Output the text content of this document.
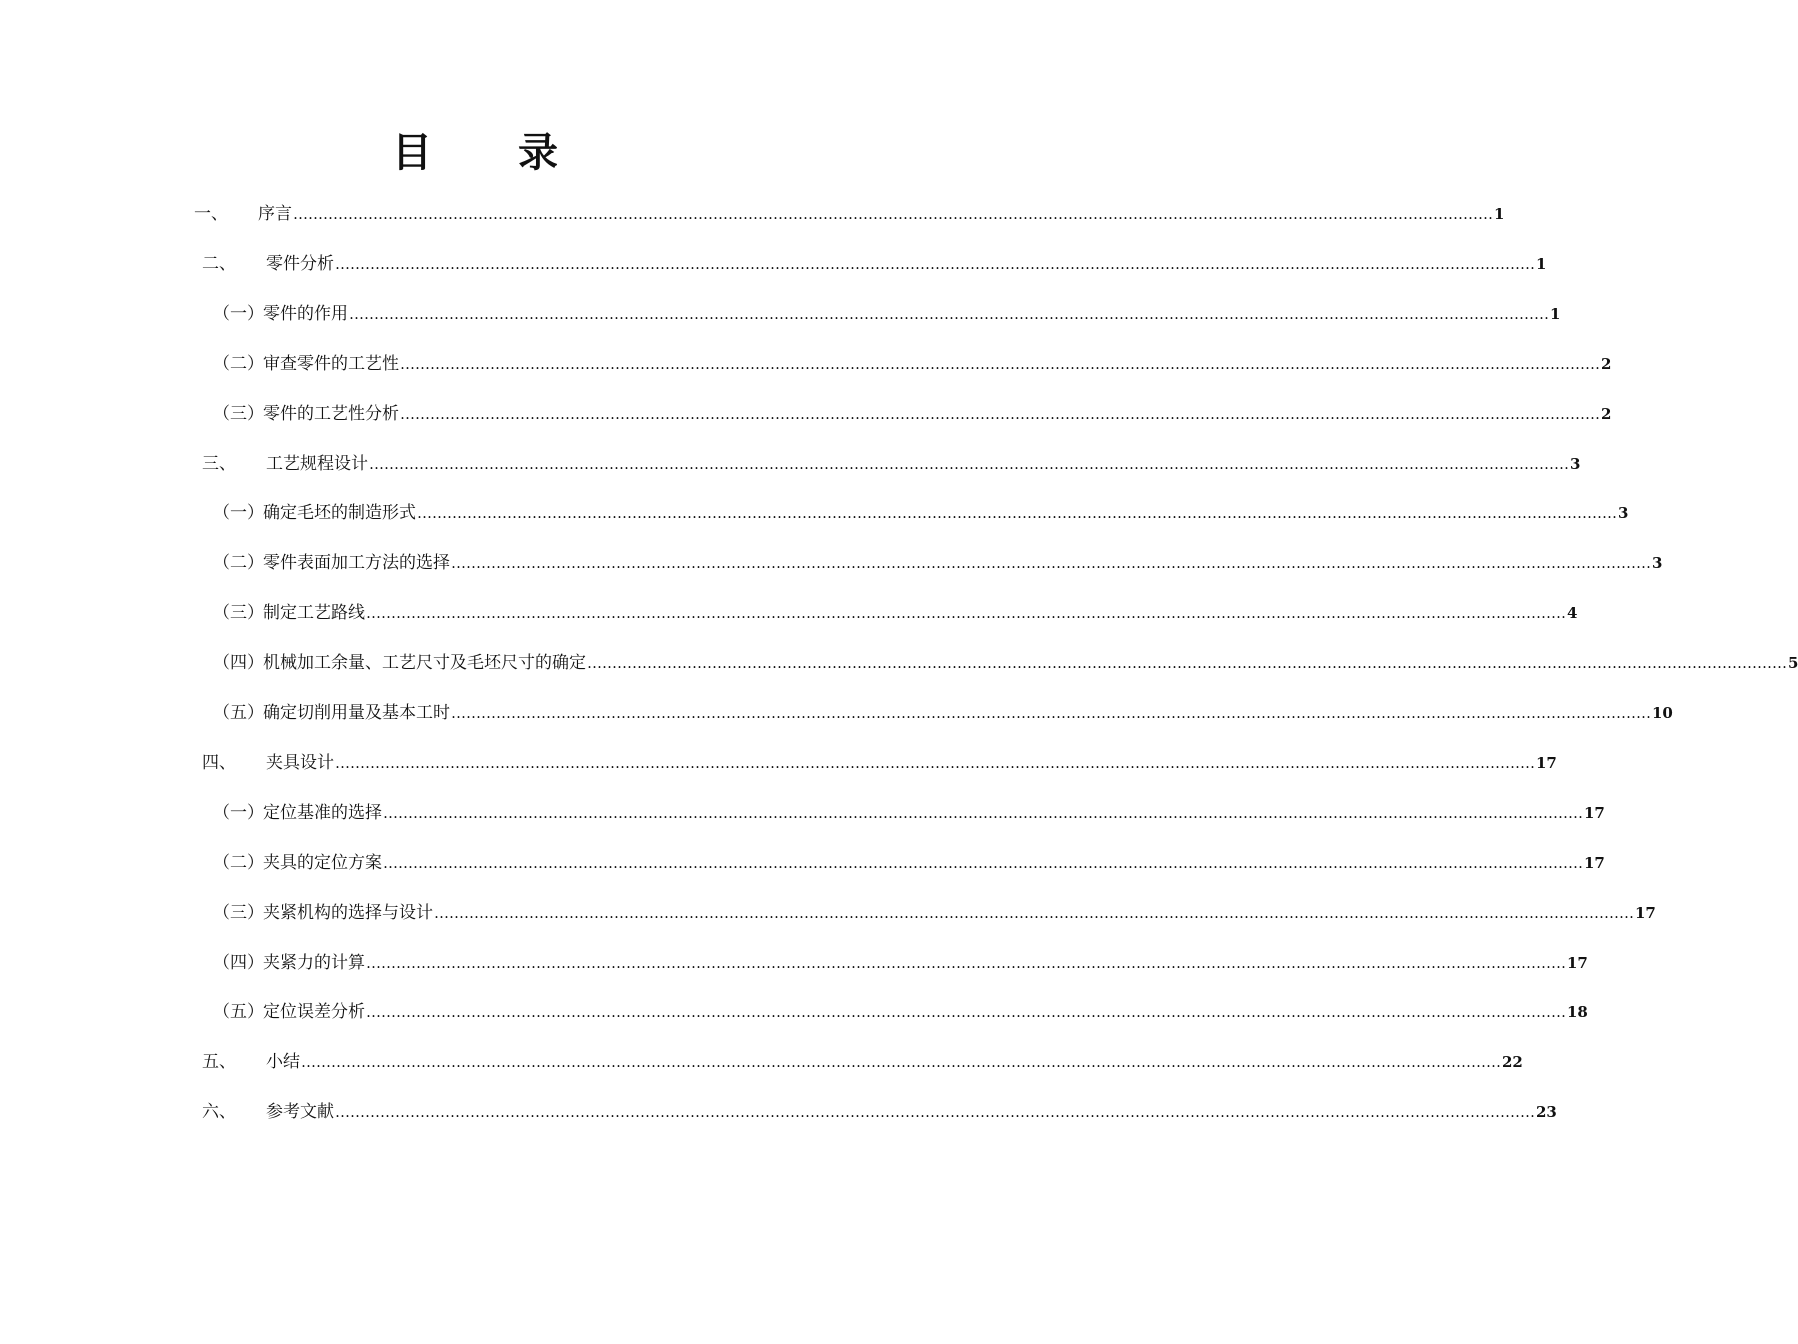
目 录
一、	序言 …………………………………………………………………………………………………………………………………………………………………………………………………………………… 1
二、	零件分析 …………………………………………………………………………………………………………………………………………………………………………………………………………………… 1
（一） 零件的作用 …………………………………………………………………………………………………………………………………………………………………………………………………………………… 1
（二） 审查零件的工艺性 …………………………………………………………………………………………………………………………………………………………………………………………………………………… 2
（三） 零件的工艺性分析 …………………………………………………………………………………………………………………………………………………………………………………………………………………… 2
三、	工艺规程设计 …………………………………………………………………………………………………………………………………………………………………………………………………………………… 3
（一） 确定毛坯的制造形式 …………………………………………………………………………………………………………………………………………………………………………………………………………………… 3
（二） 零件表面加工方法的选择 …………………………………………………………………………………………………………………………………………………………………………………………………………………… 3
（三） 制定工艺路线 …………………………………………………………………………………………………………………………………………………………………………………………………………………… 4
（四） 机械加工余量、工艺尺寸及毛坯尺寸的确定 …………………………………………………………………………………………………………………………………………………………………………………………………………………… 5
（五） 确定切削用量及基本工时 …………………………………………………………………………………………………………………………………………………………………………………………………………………… 10
四、	夹具设计 …………………………………………………………………………………………………………………………………………………………………………………………………………………… 17
（一） 定位基准的选择 …………………………………………………………………………………………………………………………………………………………………………………………………………………… 17
（二） 夹具的定位方案 …………………………………………………………………………………………………………………………………………………………………………………………………………………… 17
（三） 夹紧机构的选择与设计 …………………………………………………………………………………………………………………………………………………………………………………………………………………… 17
（四） 夹紧力的计算 …………………………………………………………………………………………………………………………………………………………………………………………………………………… 17
（五） 定位误差分析 …………………………………………………………………………………………………………………………………………………………………………………………………………………… 18
五、	小结 …………………………………………………………………………………………………………………………………………………………………………………………………………………… 22
六、	参考文献 …………………………………………………………………………………………………………………………………………………………………………………………………………………… 23
